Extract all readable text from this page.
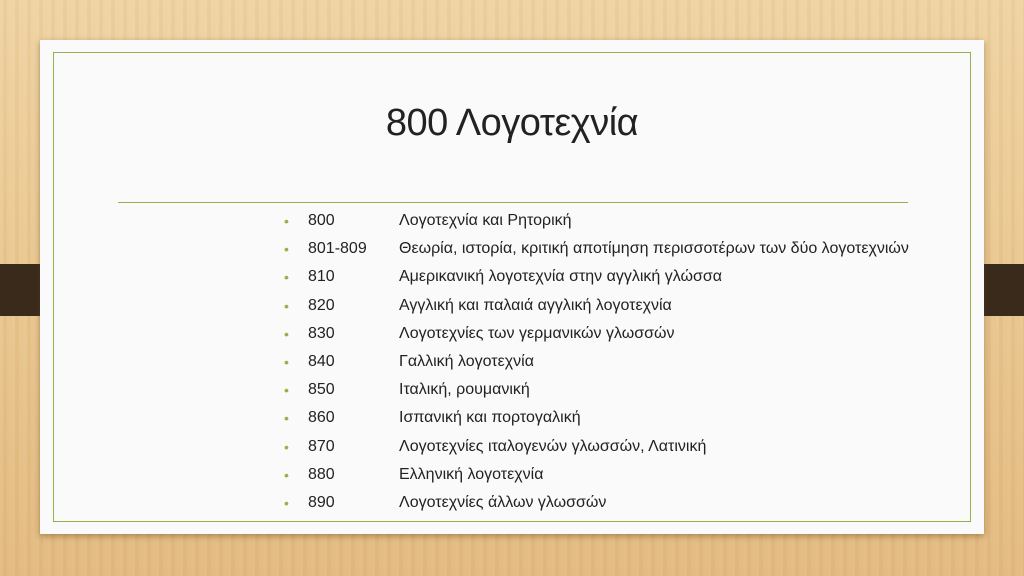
800 Λογοτεχνία
• 800	Λογοτεχνία και Ρητορική
• 801-809 Θεωρία, ιστορία, κριτική αποτίμηση περισσοτέρων των δύο λογοτεχνιών
• 810	Αμερικανική λογοτεχνία στην αγγλική γλώσσα
• 820	Αγγλική και παλαιά αγγλική λογοτεχνία
• 830	Λογοτεχνίες των γερμανικών γλωσσών
• 840	Γαλλική λογοτεχνία
• 850	Ιταλική, ρουμανική
• 860	Ισπανική και πορτογαλική
• 870	Λογοτεχνίες ιταλογενών γλωσσών, Λατινική
• 880	Ελληνική λογοτεχνία
• 890	Λογοτεχνίες άλλων γλωσσών
